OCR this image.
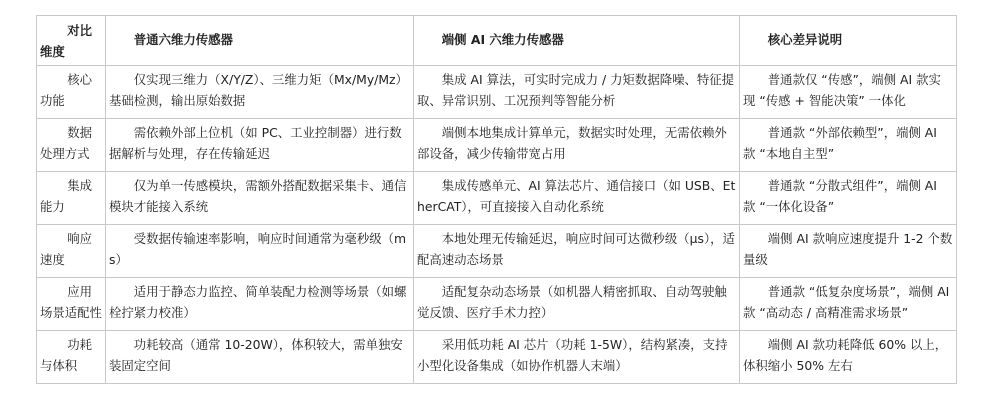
对比维度	普通六维力传感器	端侧 AI 六维力传感器	核心差异说明

核心功能	仅实现三维力（X/Y/Z）、三维力矩（Mx/My/Mz）基础检测，输出原始数据	集成 AI 算法，可实时完成力 / 力矩数据降噪、特征提取、异常识别、工况预判等智能分析	普通款仅 “传感”，端侧 AI 款实现 “传感 + 智能决策” 一体化

数据处理方式	需依赖外部上位机（如 PC、工业控制器）进行数据解析与处理，存在传输延迟	端侧本地集成计算单元，数据实时处理，无需依赖外部设备，减少传输带宽占用	普通款 “外部依赖型”，端侧 AI 款 “本地自主型”

集成能力	仅为单一传感模块，需额外搭配数据采集卡、通信模块才能接入系统	集成传感单元、AI 算法芯片、通信接口（如 USB、EtherCAT），可直接接入自动化系统	普通款 “分散式组件”，端侧 AI 款 “一体化设备”

响应速度	受数据传输速率影响，响应时间通常为毫秒级（ms）	本地处理无传输延迟，响应时间可达微秒级（μs），适配高速动态场景	端侧 AI 款响应速度提升 1-2 个数量级

应用场景适配性	适用于静态力监控、简单装配力检测等场景（如螺栓拧紧力校准）	适配复杂动态场景（如机器人精密抓取、自动驾驶触觉反馈、医疗手术力控）	普通款 “低复杂度场景”，端侧 AI 款 “高动态 / 高精准需求场景”

功耗与体积	功耗较高（通常 10-20W），体积较大，需单独安装固定空间	采用低功耗 AI 芯片（功耗 1-5W），结构紧凑，支持小型化设备集成（如协作机器人末端）	端侧 AI 款功耗降低 60% 以上，体积缩小 50% 左右
